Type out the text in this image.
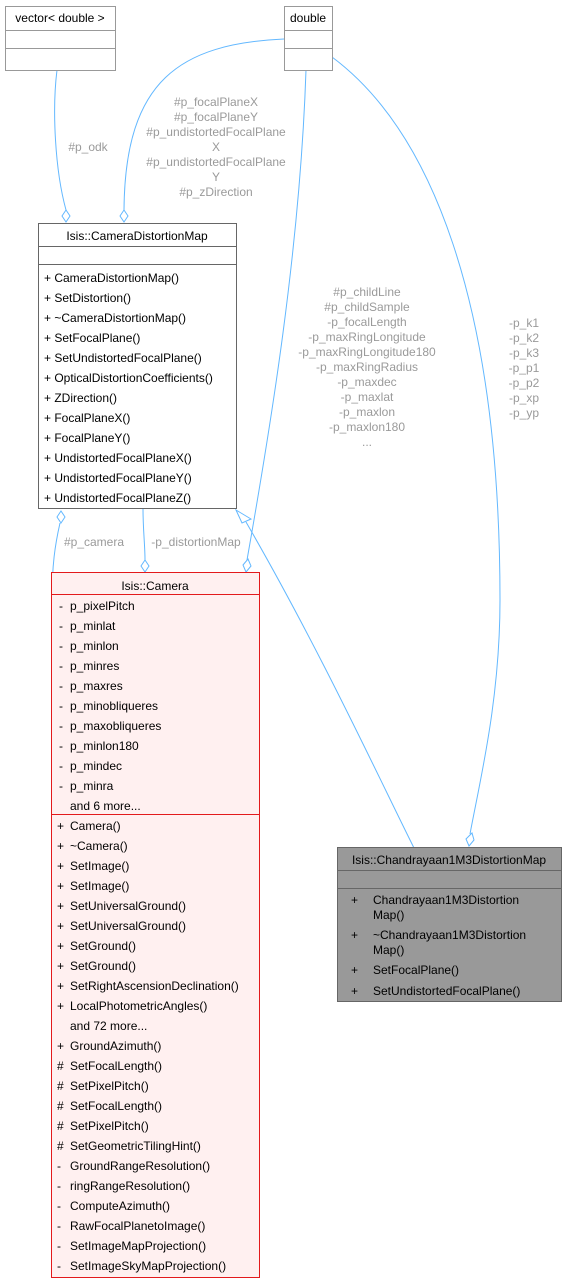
#p_odk
#p_focalPlaneX
#p_focalPlaneY
#p_undistortedFocalPlane
X
#p_undistortedFocalPlane
Y
#p_zDirection
#p_childLine
#p_childSample
-p_focalLength
-p_maxRingLongitude
-p_maxRingLongitude180
-p_maxRingRadius
-p_maxdec
-p_maxlat
-p_maxlon
-p_maxlon180
...
-p_k1
-p_k2
-p_k3
-p_p1
-p_p2
-p_xp
-p_yp
#p_camera -p_distortionMap
vector< double >	double
Isis::CameraDistortionMap
+ CameraDistortionMap()
+ SetDistortion()
+ ~CameraDistortionMap()
+ SetFocalPlane()
+ SetUndistortedFocalPlane()
+ OpticalDistortionCoefficients()
+ ZDirection()
+ FocalPlaneX()
+ FocalPlaneY()
+ UndistortedFocalPlaneX()
+ UndistortedFocalPlaneY()
+ UndistortedFocalPlaneZ()
Isis::Camera
- p_pixelPitch
- p_minlat
- p_minlon
- p_minres
- p_maxres
- p_minobliqueres
- p_maxobliqueres
- p_minlon180
- p_mindec
- p_minra
and 6 more...
+ Camera()
+ ~Camera()
+ SetImage()
+ SetImage()
+ SetUniversalGround()
+ SetUniversalGround()
+ SetGround()
+ SetGround()
+ SetRightAscensionDeclination()
+ LocalPhotometricAngles()
and 72 more...
+ GroundAzimuth()
# SetFocalLength()
# SetPixelPitch()
# SetFocalLength()
# SetPixelPitch()
# SetGeometricTilingHint()
- GroundRangeResolution()
- ringRangeResolution()
- ComputeAzimuth()
- RawFocalPlanetoImage()
- SetImageMapProjection()
- SetImageSkyMapProjection()
Isis::Chandrayaan1M3DistortionMap
+ Chandrayaan1M3Distortion
Map()
+ ~Chandrayaan1M3Distortion
Map()
+ SetFocalPlane()
+ SetUndistortedFocalPlane()
